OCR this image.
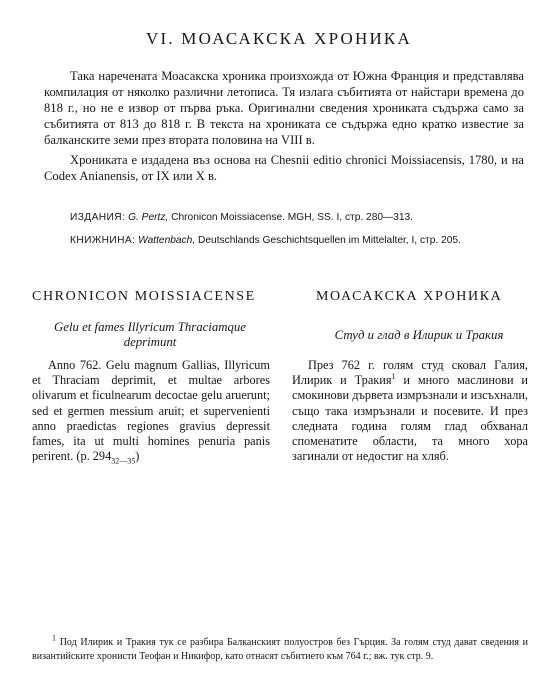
VI. МОАСАКСКА ХРОНИКА

Така наречената Моасакска хроника произхожда от Южна Франция и представлява компилация от няколко различни летописа. Тя излага събитията от найстари времена до 818 г., но не е извор от първа ръка. Оригинални сведения хрониката съдържа само за събитията от 813 до 818 г. В текста на хрониката се съдържа едно кратко известие за балканските земи през втората половина на VIII в.

Хрониката е издадена въз основа на Chesnii editio chronici Moissiacensis, 1780, и на Codex Anianensis, от IX или X в.

ИЗДАНИЯ: G. Pertz, Chronicon Moissiacense. MGH, SS. I, стр. 280—313.
КНИЖНИНА: Wattenbach, Deutschlands Geschichtsquellen im Mittelalter, I, стр. 205.
CHRONICON MOISSIACENSE
Gelu et fames Illyricum Thraciamque
deprimunt

Anno 762. Gelu magnum Gallias, Illyricum et Thraciam deprimit, et multae arbores olivarum et ficulnearum decoctae gelu aruerunt; sed et germen messium aruit; et supervenienti anno praedictas regiones gravius depressit fames, ita ut multi homines penuria panis perirent. (р. $294_{32—35}$)

МОАСАКСКА ХРОНИКА
Студ и глад в Илирик и Тракия

През 762 г. голям студ сковал Галия, Илирик и Тракия$^1$ и много маслинови и смокинови дървета измръзнали и изсъхнали, също така измръзнали и посевите. И през следната година голям глад обхванал споменатите области, та много хора загинали от недостиг на хляб.

$^1$ Под Илирик и Тракия тук се разбира Балканският полуостров без Гърция. За голям студ дават сведения и византийските хронисти Теофан и Никифор, като отнасят събитието към 764 г.; вж. тук стр. 9.
